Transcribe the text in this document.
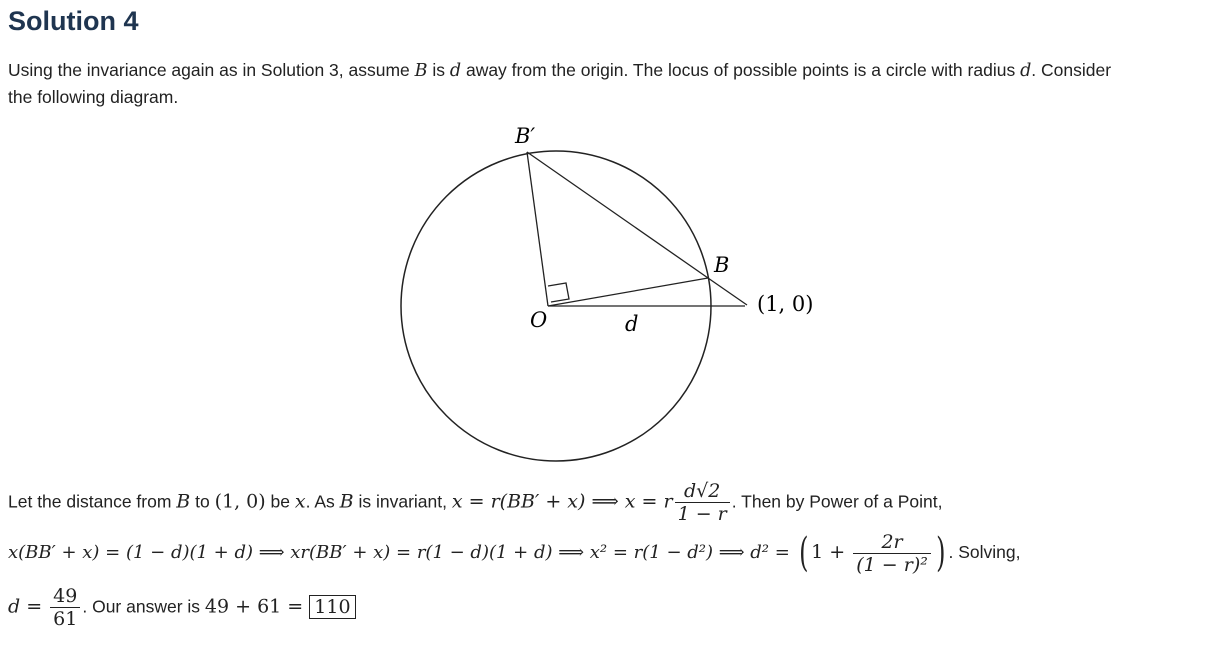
Solution 4
Using the invariance again as in Solution 3, assume B is d away from the origin. The locus of possible points is a circle with radius d. Consider
the following diagram.
B′
B
O	d
(1, 0)
Let the distance from B to (1, 0) be x. As B is invariant, x = r(BB′ + x) ⟹ x = r $\frac{d√2}{1 - r}$ . Then by Power of a Point,
x(BB′ + x) = (1 − d)(1 + d) ⟹ xr(BB′ + x) = r(1 − d)(1 + d) ⟹ x² = r(1 − d²) ⟹ d² = ( $1 + \frac{2r}{\text{(1 − r)²}}$ ) . Solving,
$d = \frac{49}{61}$ . Our answer is 49 + 61 = 110
